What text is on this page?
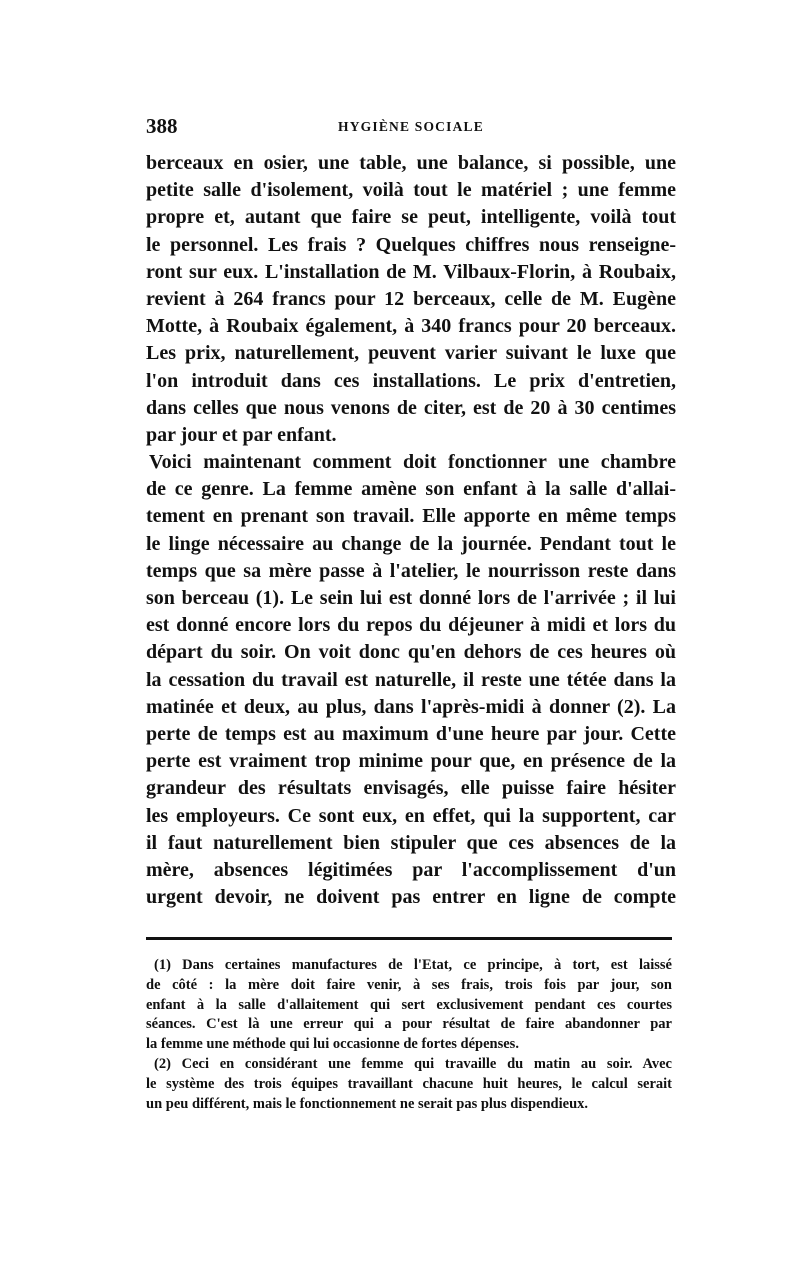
388	HYGIÈNE SOCIALE
berceaux en osier, une table, une balance, si possible, une
petite salle d'isolement, voilà tout le matériel ; une femme
propre et, autant que faire se peut, intelligente, voilà tout
le personnel. Les frais ? Quelques chiffres nous renseigne-
ront sur eux. L'installation de M. Vilbaux-Florin, à Roubaix,
revient à 264 francs pour 12 berceaux, celle de M. Eugène
Motte, à Roubaix également, à 340 francs pour 20 berceaux.
Les prix, naturellement, peuvent varier suivant le luxe que
l'on introduit dans ces installations. Le prix d'entretien,
dans celles que nous venons de citer, est de 20 à 30 centimes
par jour et par enfant.
Voici maintenant comment doit fonctionner une chambre
de ce genre. La femme amène son enfant à la salle d'allai-
tement en prenant son travail. Elle apporte en même temps
le linge nécessaire au change de la journée. Pendant tout le
temps que sa mère passe à l'atelier, le nourrisson reste dans
son berceau (1). Le sein lui est donné lors de l'arrivée ; il lui
est donné encore lors du repos du déjeuner à midi et lors du
départ du soir. On voit donc qu'en dehors de ces heures où
la cessation du travail est naturelle, il reste une tétée dans la
matinée et deux, au plus, dans l'après-midi à donner (2). La
perte de temps est au maximum d'une heure par jour. Cette
perte est vraiment trop minime pour que, en présence de la
grandeur des résultats envisagés, elle puisse faire hésiter
les employeurs. Ce sont eux, en effet, qui la supportent, car
il faut naturellement bien stipuler que ces absences de la
mère, absences légitimées par l'accomplissement d'un
urgent devoir, ne doivent pas entrer en ligne de compte
(1) Dans certaines manufactures de l'Etat, ce principe, à tort, est laissé
de côté : la mère doit faire venir, à ses frais, trois fois par jour, son
enfant à la salle d'allaitement qui sert exclusivement pendant ces courtes
séances. C'est là une erreur qui a pour résultat de faire abandonner par
la femme une méthode qui lui occasionne de fortes dépenses.
(2) Ceci en considérant une femme qui travaille du matin au soir. Avec
le système des trois équipes travaillant chacune huit heures, le calcul serait
un peu différent, mais le fonctionnement ne serait pas plus dispendieux.
